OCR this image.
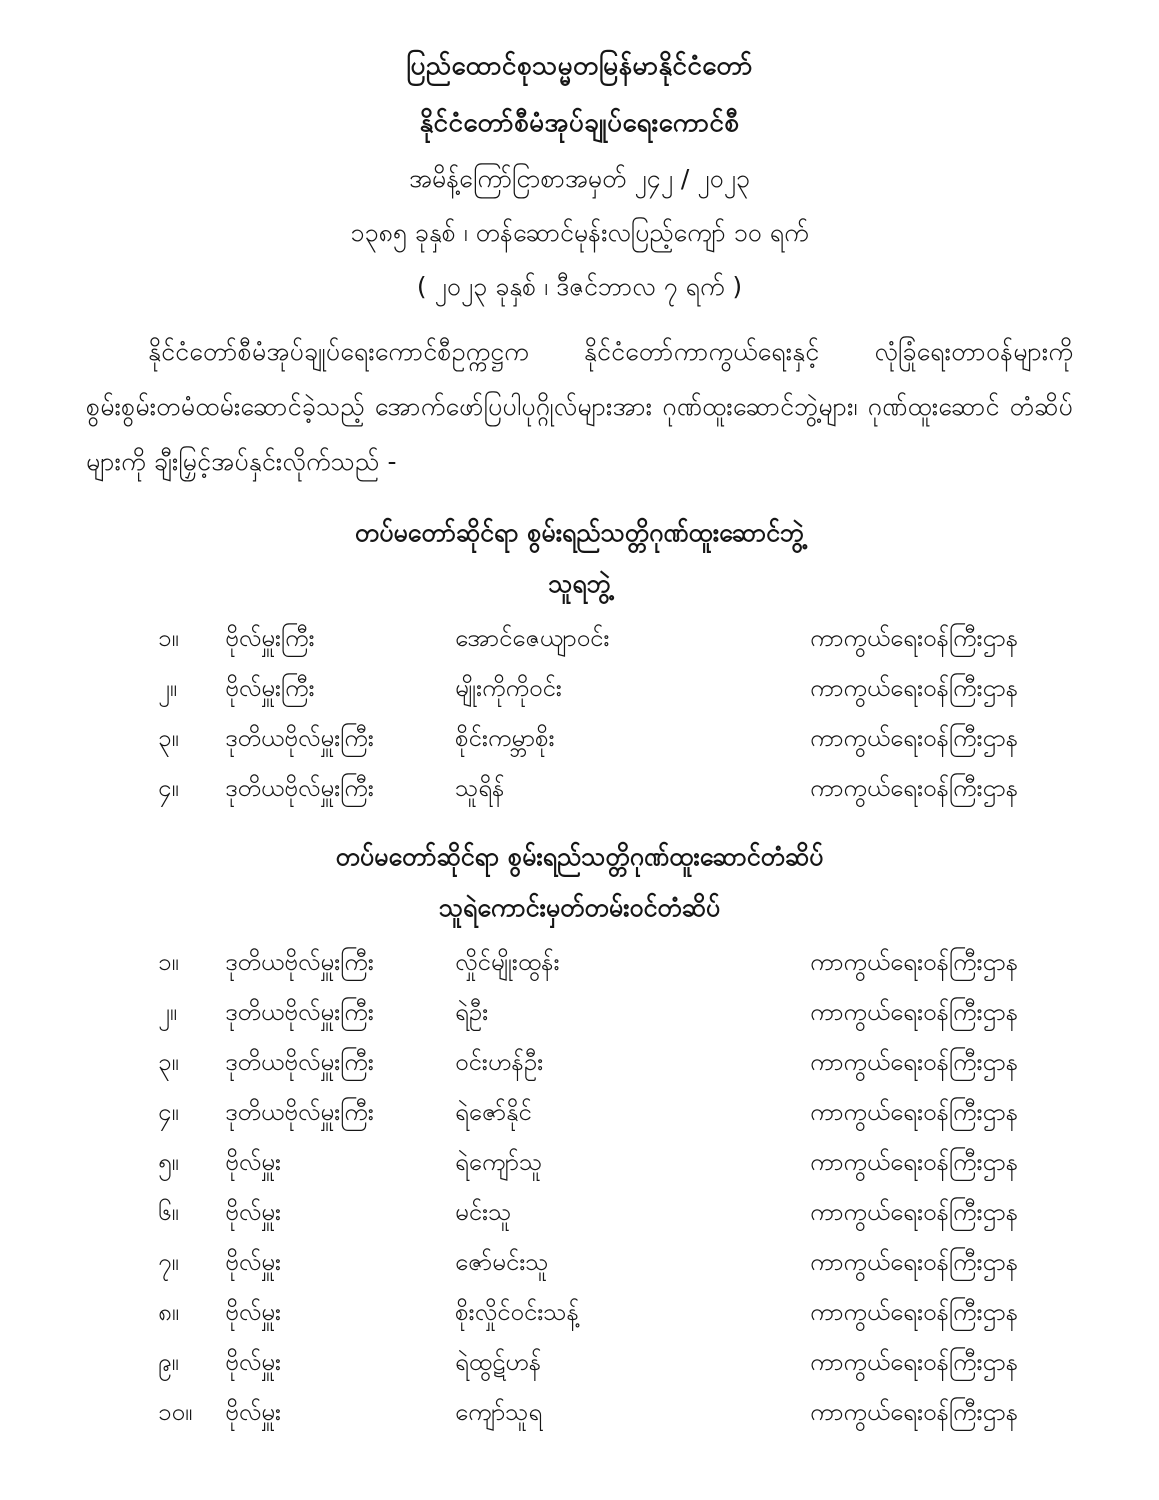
ပြည်ထောင်စုသမ္မတမြန်မာနိုင်ငံတော်
နိုင်ငံတော်စီမံအုပ်ချုပ်ရေးကောင်စီ
အမိန့်ကြော်ငြာစာအမှတ် ၂၄၂ / ၂၀၂၃
၁၃၈၅ ခုနှစ် ၊ တန်ဆောင်မုန်းလပြည့်ကျော် ၁၀ ရက်
( ၂၀၂၃ ခုနှစ် ၊ ဒီဇင်ဘာလ ၇ ရက် )
နိုင်ငံတော်စီမံအုပ်ချုပ်ရေးကောင်စီဥက္ကဋ္ဌက နိုင်ငံတော်ကာကွယ်ရေးနှင့် လုံခြုံရေးတာဝန်များကို စွမ်းစွမ်းတမံထမ်းဆောင်ခဲ့သည့် အောက်ဖော်ပြပါပုဂ္ဂိုလ်များအား ဂုဏ်ထူးဆောင်ဘွဲ့များ၊ ဂုဏ်ထူးဆောင် တံဆိပ်များကို ချီးမြှင့်အပ်နှင်းလိုက်သည် -
တပ်မတော်ဆိုင်ရာ စွမ်းရည်သတ္တိဂုဏ်ထူးဆောင်ဘွဲ့
သူရဘွဲ့
၁။	ဗိုလ်မှူးကြီး	အောင်ဇေယျာဝင်း	ကာကွယ်ရေးဝန်ကြီးဌာန
၂။	ဗိုလ်မှူးကြီး	မျိုးကိုကိုဝင်း	ကာကွယ်ရေးဝန်ကြီးဌာန
၃။	ဒုတိယဗိုလ်မှူးကြီး	စိုင်းကမ္ဘာစိုး	ကာကွယ်ရေးဝန်ကြီးဌာန
၄။	ဒုတိယဗိုလ်မှူးကြီး	သူရိန်	ကာကွယ်ရေးဝန်ကြီးဌာန
တပ်မတော်ဆိုင်ရာ စွမ်းရည်သတ္တိဂုဏ်ထူးဆောင်တံဆိပ်
သူရဲကောင်းမှတ်တမ်းဝင်တံဆိပ်
၁။	ဒုတိယဗိုလ်မှူးကြီး	လှိုင်မျိုးထွန်း	ကာကွယ်ရေးဝန်ကြီးဌာန
၂။	ဒုတိယဗိုလ်မှူးကြီး	ရဲဦး	ကာကွယ်ရေးဝန်ကြီးဌာန
၃။	ဒုတိယဗိုလ်မှူးကြီး	ဝင်းဟန်ဦး	ကာကွယ်ရေးဝန်ကြီးဌာန
၄။	ဒုတိယဗိုလ်မှူးကြီး	ရဲဇော်နိုင်	ကာကွယ်ရေးဝန်ကြီးဌာန
၅။	ဗိုလ်မှူး	ရဲကျော်သူ	ကာကွယ်ရေးဝန်ကြီးဌာန
၆။	ဗိုလ်မှူး	မင်းသူ	ကာကွယ်ရေးဝန်ကြီးဌာန
၇။	ဗိုလ်မှူး	ဇော်မင်းသူ	ကာကွယ်ရေးဝန်ကြီးဌာန
၈။	ဗိုလ်မှူး	စိုးလှိုင်ဝင်းသန့်	ကာကွယ်ရေးဝန်ကြီးဌာန
၉။	ဗိုလ်မှူး	ရဲထွဋ်ဟန်	ကာကွယ်ရေးဝန်ကြီးဌာန
၁၀။	ဗိုလ်မှူး	ကျော်သူရ	ကာကွယ်ရေးဝန်ကြီးဌာန
